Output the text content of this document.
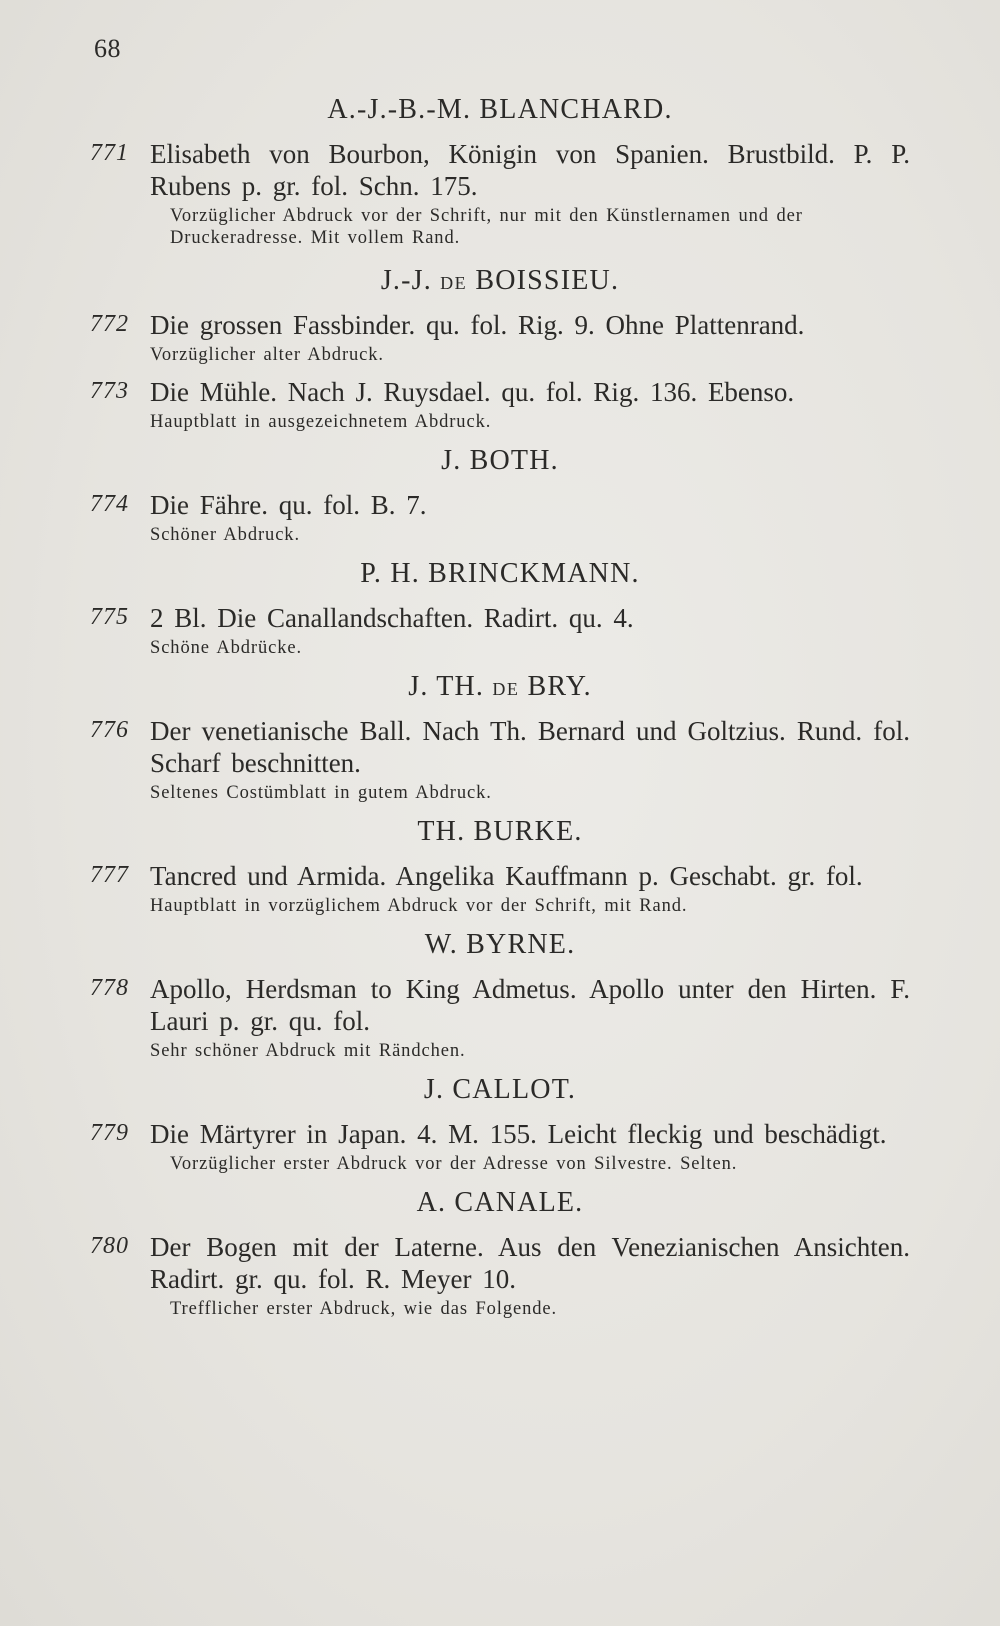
68
A.-J.-B.-M. BLANCHARD.
771 Elisabeth von Bourbon, Königin von Spanien. Brustbild. P. P. Rubens p. gr. fol. Schn. 175.
Vorzüglicher Abdruck vor der Schrift, nur mit den Künstlernamen und der Druckeradresse. Mit vollem Rand.
J.-J. de BOISSIEU.
772 Die grossen Fassbinder. qu. fol. Rig. 9. Ohne Plattenrand.
Vorzüglicher alter Abdruck.
773 Die Mühle. Nach J. Ruysdael. qu. fol. Rig. 136. Ebenso.
Hauptblatt in ausgezeichnetem Abdruck.
J. BOTH.
774 Die Fähre. qu. fol. B. 7.
Schöner Abdruck.
P. H. BRINCKMANN.
775 2 Bl. Die Canallandschaften. Radirt. qu. 4.
Schöne Abdrücke.
J. TH. de BRY.
776 Der venetianische Ball. Nach Th. Bernard und Goltzius. Rund. fol. Scharf beschnitten.
Seltenes Costümblatt in gutem Abdruck.
TH. BURKE.
777 Tancred und Armida. Angelika Kauffmann p. Geschabt. gr. fol.
Hauptblatt in vorzüglichem Abdruck vor der Schrift, mit Rand.
W. BYRNE.
778 Apollo, Herdsman to King Admetus. Apollo unter den Hirten. F. Lauri p. gr. qu. fol.
Sehr schöner Abdruck mit Rändchen.
J. CALLOT.
779 Die Märtyrer in Japan. 4. M. 155. Leicht fleckig und beschädigt.
Vorzüglicher erster Abdruck vor der Adresse von Silvestre. Selten.
A. CANALE.
780 Der Bogen mit der Laterne. Aus den Venezianischen Ansichten. Radirt. gr. qu. fol. R. Meyer 10.
Trefflicher erster Abdruck, wie das Folgende.
